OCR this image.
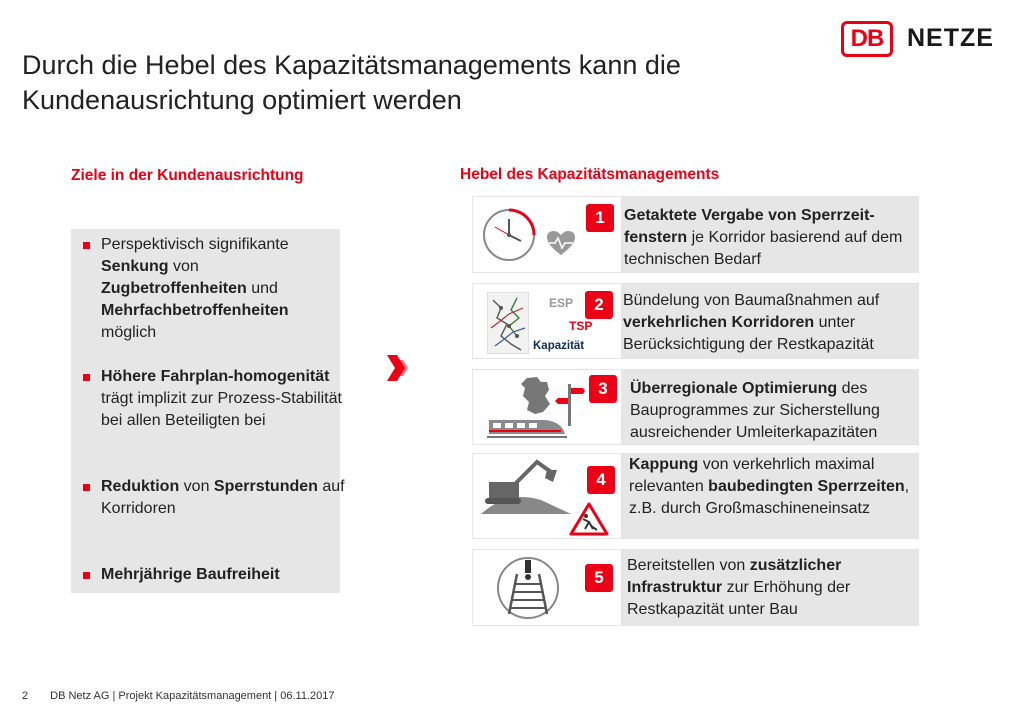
Durch die Hebel des Kapazitätsmanagements kann die Kundenausrichtung optimiert werden
DB NETZE
Ziele in der Kundenausrichtung
Perspektivisch signifikante Senkung von Zugbetroffenheiten und Mehrfachbetroffenheiten möglich
Höhere Fahrplan-homogenität trägt implizit zur Prozess-Stabilität bei allen Beteiligten bei
Reduktion von Sperrstunden auf Korridoren
Mehrjährige Baufreiheit
Hebel des Kapazitätsmanagements
1	Getaktete Vergabe von Sperrzeit-fenstern je Korridor basierend auf dem technischen Bedarf
ESP
TSP
Kapazität
2	Bündelung von Baumaßnahmen auf verkehrlichen Korridoren unter Berücksichtigung der Restkapazität
3	Überregionale Optimierung des Bauprogrammes zur Sicherstellung ausreichender Umleiterkapazitäten
4
Kappung von verkehrlich maximal relevanten baubedingten Sperrzeiten, z.B. durch Großmaschineneinsatz
5
Bereitstellen von zusätzlicher Infrastruktur zur Erhöhung der Restkapazität unter Bau
2 DB Netz AG | Projekt Kapazitätsmanagement | 06.11.2017
